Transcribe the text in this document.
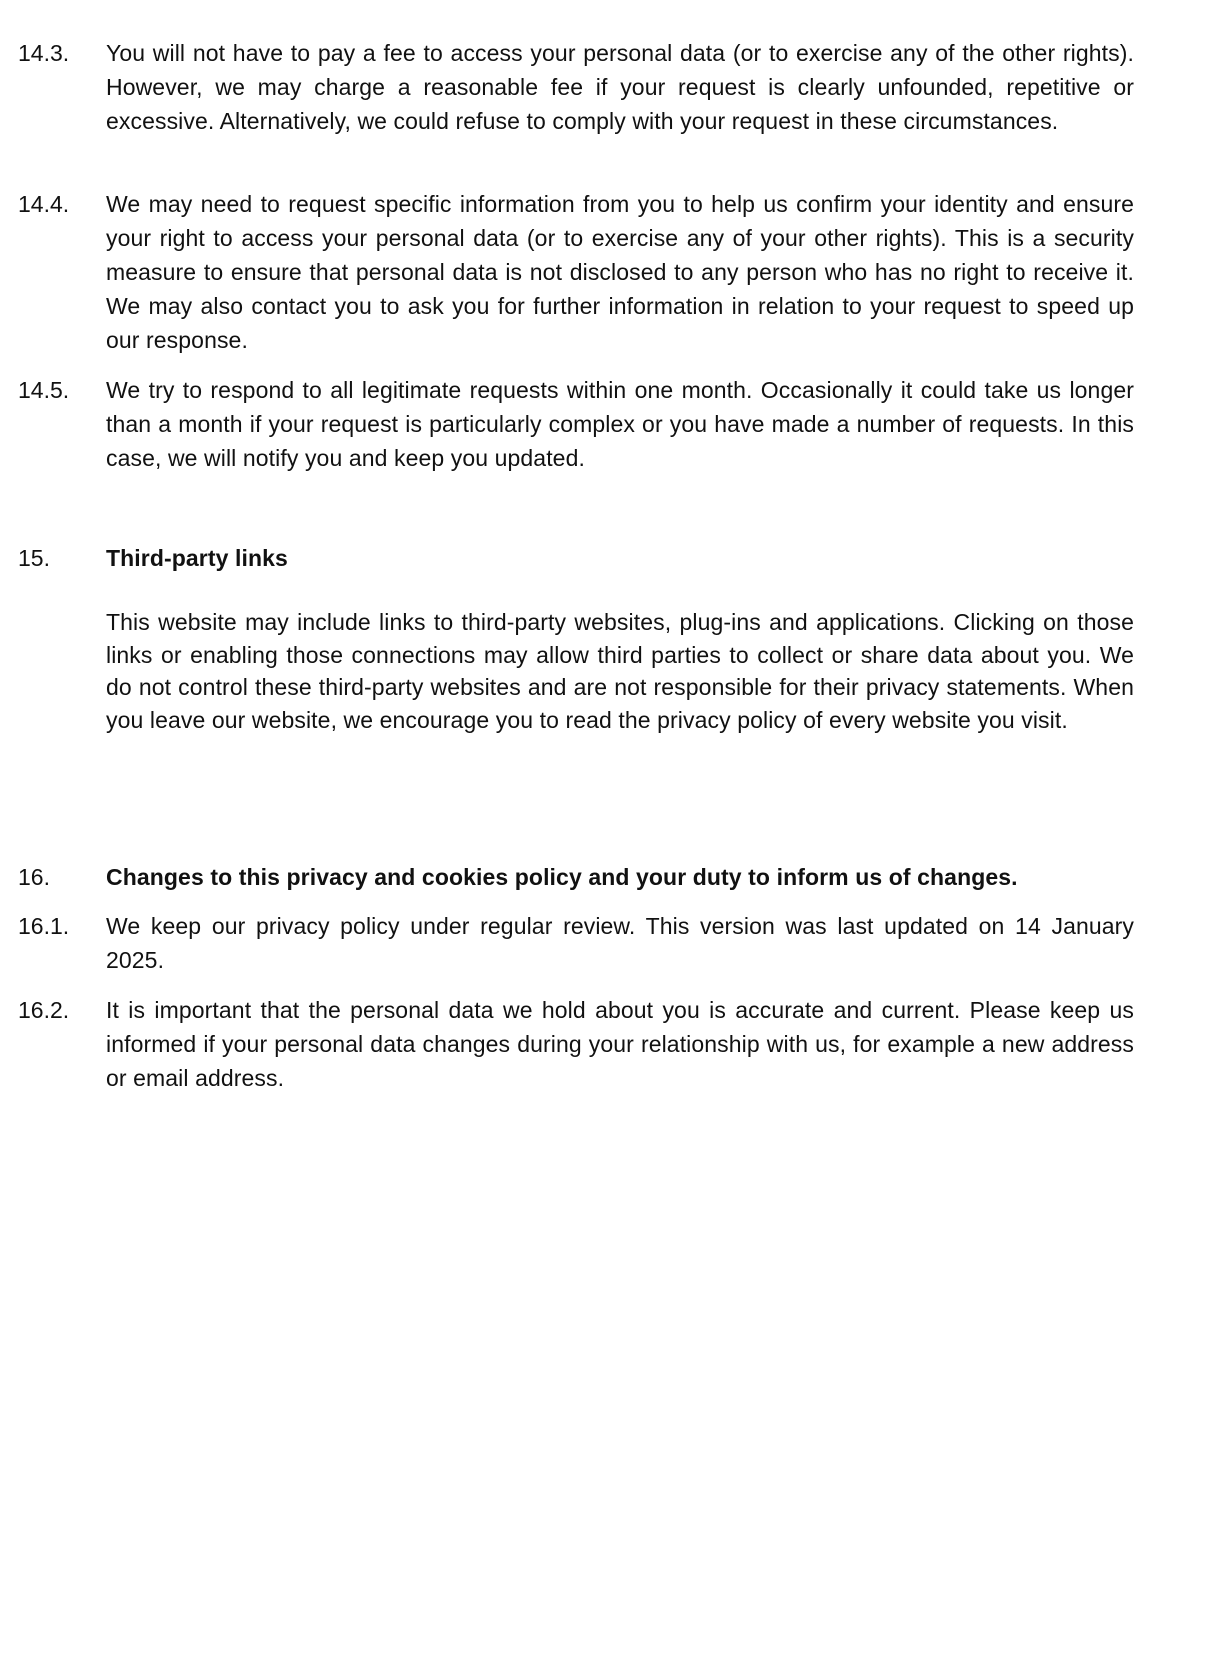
14.3. You will not have to pay a fee to access your personal data (or to exercise any of the other rights). However, we may charge a reasonable fee if your request is clearly unfounded, repetitive or excessive. Alternatively, we could refuse to comply with your request in these circumstances.
14.4. We may need to request specific information from you to help us confirm your identity and ensure your right to access your personal data (or to exercise any of your other rights). This is a security measure to ensure that personal data is not disclosed to any person who has no right to receive it. We may also contact you to ask you for further information in relation to your request to speed up our response.
14.5. We try to respond to all legitimate requests within one month. Occasionally it could take us longer than a month if your request is particularly complex or you have made a number of requests. In this case, we will notify you and keep you updated.
15. Third-party links
This website may include links to third-party websites, plug-ins and applications. Clicking on those links or enabling those connections may allow third parties to collect or share data about you. We do not control these third-party websites and are not responsible for their privacy statements. When you leave our website, we encourage you to read the privacy policy of every website you visit.
16. Changes to this privacy and cookies policy and your duty to inform us of changes.
16.1. We keep our privacy policy under regular review. This version was last updated on 14 January 2025.
16.2. It is important that the personal data we hold about you is accurate and current. Please keep us informed if your personal data changes during your relationship with us, for example a new address or email address.
